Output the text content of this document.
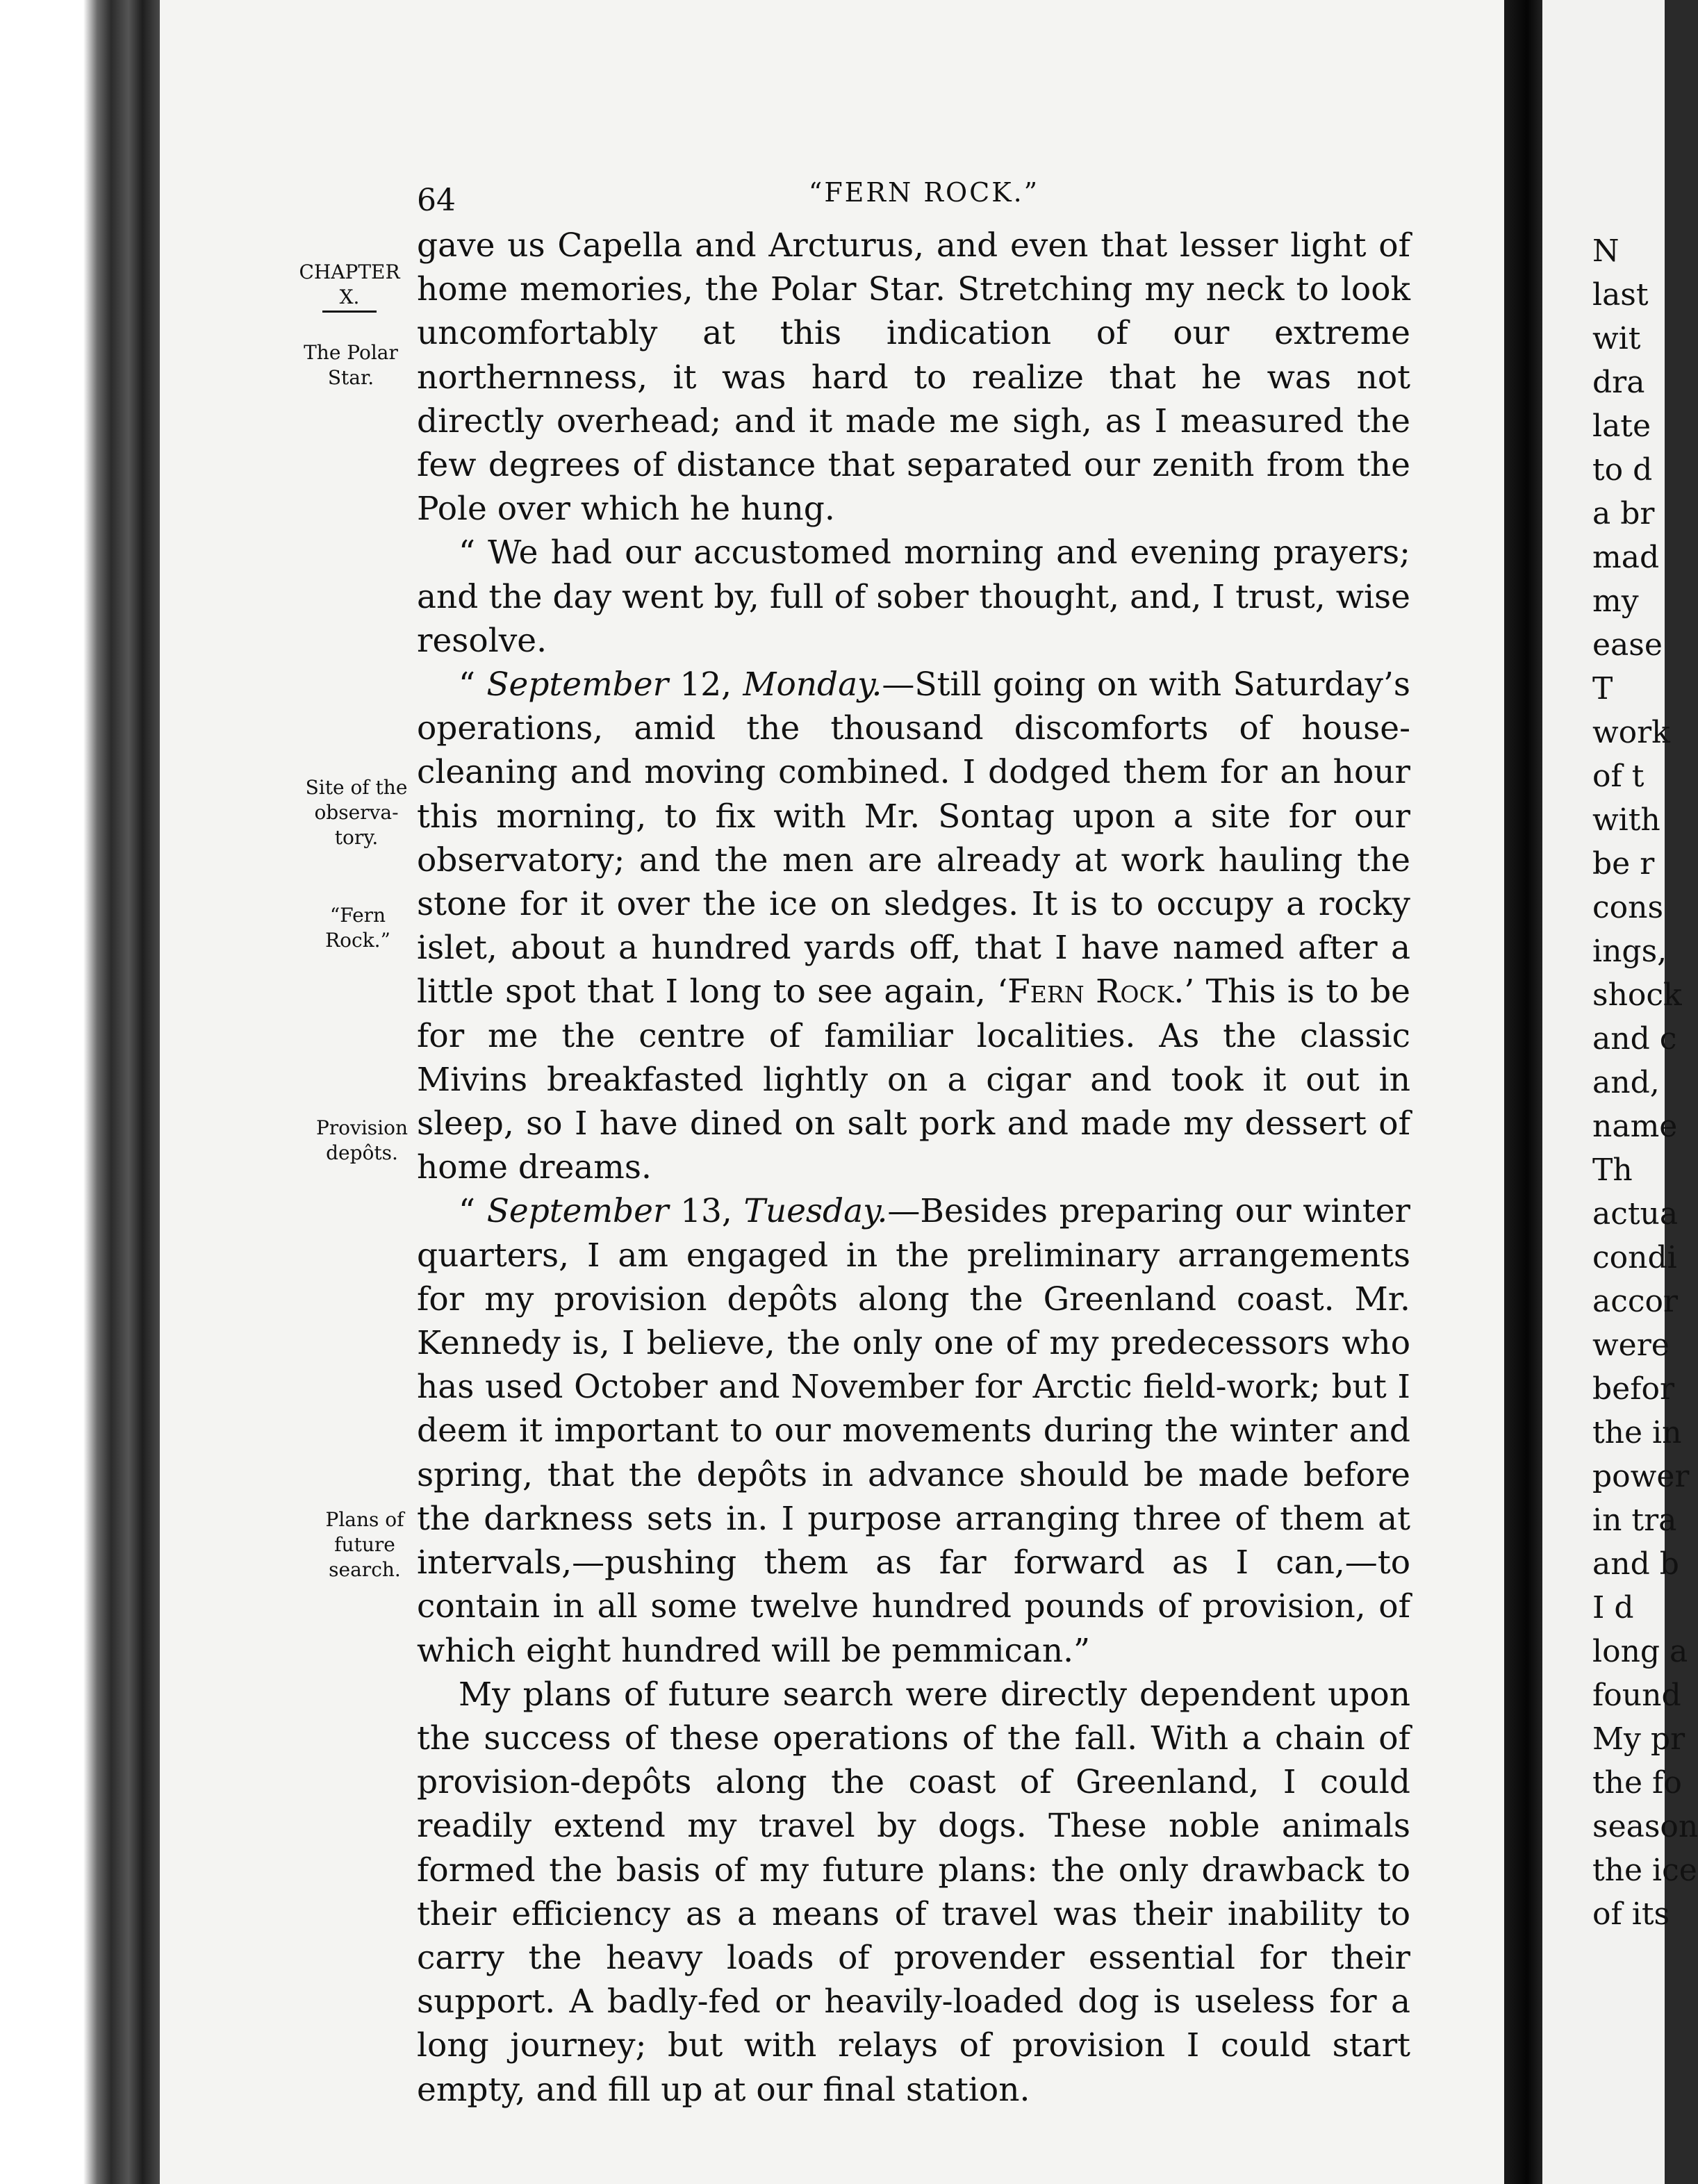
64	“FERN ROCK.”
CHAPTER
X.
The Polar
Star.
Site of the
observa-
tory.
“Fern
Rock.”
Provision
depôts.
Plans of
future
search.

gave us Capella and Arcturus, and even that lesser light of home memories, the Polar Star. Stretching my neck to look uncomfortably at this indication of our extreme northernness, it was hard to realize that he was not directly overhead; and it made me sigh, as I measured the few degrees of distance that separated our zenith from the Pole over which he hung.

“ We had our accustomed morning and evening prayers; and the day went by, full of sober thought, and, I trust, wise resolve.

“ September 12, Monday.—Still going on with Saturday’s operations, amid the thousand discomforts of house-cleaning and moving combined. I dodged them for an hour this morning, to fix with Mr. Sontag upon a site for our observatory; and the men are already at work hauling the stone for it over the ice on sledges. It is to occupy a rocky islet, about a hundred yards off, that I have named after a little spot that I long to see again, ‘Fern Rock.’ This is to be for me the centre of familiar localities. As the classic Mivins breakfasted lightly on a cigar and took it out in sleep, so I have dined on salt pork and made my dessert of home dreams.

“ September 13, Tuesday.—Besides preparing our winter quarters, I am engaged in the preliminary arrangements for my provision depôts along the Greenland coast. Mr. Kennedy is, I believe, the only one of my predecessors who has used October and November for Arctic field-work; but I deem it important to our movements during the winter and spring, that the depôts in advance should be made before the darkness sets in. I purpose arranging three of them at intervals,—pushing them as far forward as I can,—to contain in all some twelve hundred pounds of provision, of which eight hundred will be pemmican.”

My plans of future search were directly dependent upon the success of these operations of the fall. With a chain of provision-depôts along the coast of Greenland, I could readily extend my travel by dogs. These noble animals formed the basis of my future plans: the only drawback to their efficiency as a means of travel was their inability to carry the heavy loads of provender essential for their support. A badly-fed or heavily-loaded dog is useless for a long journey; but with relays of provision I could start empty, and fill up at our final station.

N
last
wit
dra
late
to d
a br
mad
my
ease
T
work
of t
with
be r
cons
ings,
shock
and c
and,
name
Th
actua
condi
accor
were
befor
the in
power
in tra
and b
I d
long a
found
My pr
the fo
season
the ice
of its
